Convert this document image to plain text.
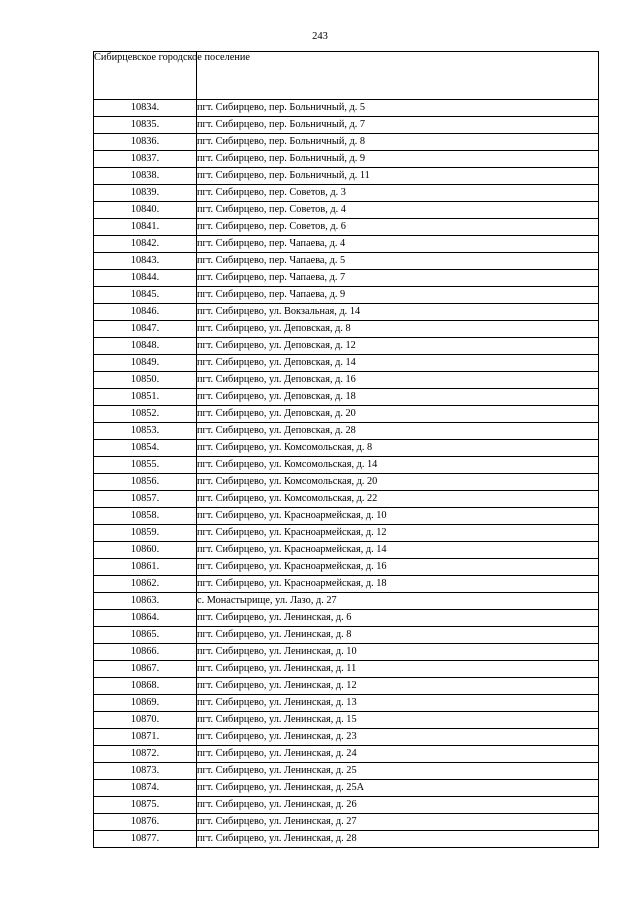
243
Сибирцевское городское поселение	
10834.	пгт. Сибирцево, пер. Больничный, д. 5
10835.	пгт. Сибирцево, пер. Больничный, д. 7
10836.	пгт. Сибирцево, пер. Больничный, д. 8
10837.	пгт. Сибирцево, пер. Больничный, д. 9
10838.	пгт. Сибирцево, пер. Больничный, д. 11
10839.	пгт. Сибирцево, пер. Советов, д. 3
10840.	пгт. Сибирцево, пер. Советов, д. 4
10841.	пгт. Сибирцево, пер. Советов, д. 6
10842.	пгт. Сибирцево, пер. Чапаева, д. 4
10843.	пгт. Сибирцево, пер. Чапаева, д. 5
10844.	пгт. Сибирцево, пер. Чапаева, д. 7
10845.	пгт. Сибирцево, пер. Чапаева, д. 9
10846.	пгт. Сибирцево, ул. Вокзальная, д. 14
10847.	пгт. Сибирцево, ул. Деповская, д. 8
10848.	пгт. Сибирцево, ул. Деповская, д. 12
10849.	пгт. Сибирцево, ул. Деповская, д. 14
10850.	пгт. Сибирцево, ул. Деповская, д. 16
10851.	пгт. Сибирцево, ул. Деповская, д. 18
10852.	пгт. Сибирцево, ул. Деповская, д. 20
10853.	пгт. Сибирцево, ул. Деповская, д. 28
10854.	пгт. Сибирцево, ул. Комсомольская, д. 8
10855.	пгт. Сибирцево, ул. Комсомольская, д. 14
10856.	пгт. Сибирцево, ул. Комсомольская, д. 20
10857.	пгт. Сибирцево, ул. Комсомольская, д. 22
10858.	пгт. Сибирцево, ул. Красноармейская, д. 10
10859.	пгт. Сибирцево, ул. Красноармейская, д. 12
10860.	пгт. Сибирцево, ул. Красноармейская, д. 14
10861.	пгт. Сибирцево, ул. Красноармейская, д. 16
10862.	пгт. Сибирцево, ул. Красноармейская, д. 18
10863.	с. Монастырище, ул. Лазо, д. 27
10864.	пгт. Сибирцево, ул. Ленинская, д. 6
10865.	пгт. Сибирцево, ул. Ленинская, д. 8
10866.	пгт. Сибирцево, ул. Ленинская, д. 10
10867.	пгт. Сибирцево, ул. Ленинская, д. 11
10868.	пгт. Сибирцево, ул. Ленинская, д. 12
10869.	пгт. Сибирцево, ул. Ленинская, д. 13
10870.	пгт. Сибирцево, ул. Ленинская, д. 15
10871.	пгт. Сибирцево, ул. Ленинская, д. 23
10872.	пгт. Сибирцево, ул. Ленинская, д. 24
10873.	пгт. Сибирцево, ул. Ленинская, д. 25
10874.	пгт. Сибирцево, ул. Ленинская, д. 25А
10875.	пгт. Сибирцево, ул. Ленинская, д. 26
10876.	пгт. Сибирцево, ул. Ленинская, д. 27
10877.	пгт. Сибирцево, ул. Ленинская, д. 28
